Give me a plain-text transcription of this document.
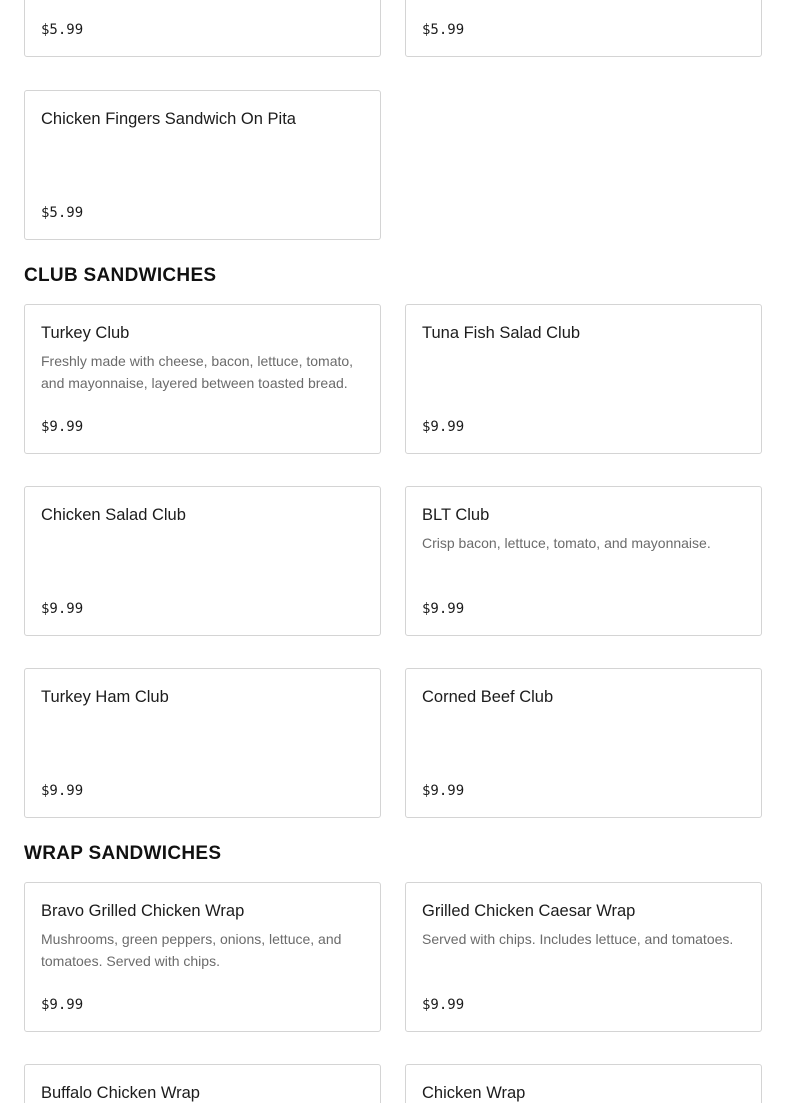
$5.99	$5.99
Chicken Fingers Sandwich On Pita
$5.99
CLUB SANDWICHES
Turkey Club

Freshly made with cheese, bacon, lettuce, tomato, and mayonnaise, layered between toasted bread.

$9.99
Tuna Fish Salad Club
$9.99
Chicken Salad Club
$9.99
BLT Club

Crisp bacon, lettuce, tomato, and mayonnaise.

$9.99
Turkey Ham Club
$9.99
Corned Beef Club
$9.99
WRAP SANDWICHES
Bravo Grilled Chicken Wrap

Mushrooms, green peppers, onions, lettuce, and tomatoes. Served with chips.

$9.99
Grilled Chicken Caesar Wrap

Served with chips. Includes lettuce, and tomatoes.

$9.99
Buffalo Chicken Wrap	Chicken Wrap
